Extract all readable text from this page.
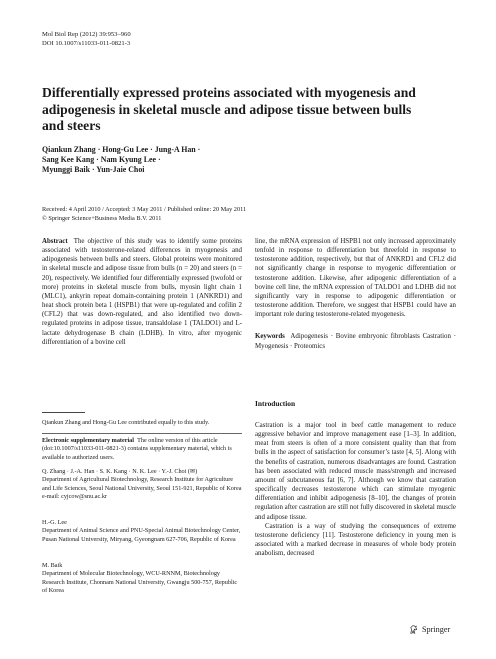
Mol Biol Rep (2012) 39:953–960
DOI 10.1007/s11033-011-0821-3
Differentially expressed proteins associated with myogenesis and adipogenesis in skeletal muscle and adipose tissue between bulls and steers
Qiankun Zhang · Hong-Gu Lee · Jung-A Han ·
Sang Kee Kang · Nam Kyung Lee ·
Myunggi Baik · Yun-Jaie Choi
Received: 4 April 2010 / Accepted: 3 May 2011 / Published online: 20 May 2011
© Springer Science+Business Media B.V. 2011
Abstract The objective of this study was to identify some proteins associated with testosterone-related differences in myogenesis and adipogenesis between bulls and steers. Global proteins were monitored in skeletal muscle and adipose tissue from bulls (n = 20) and steers (n = 20), respectively. We identified four differentially expressed (twofold or more) proteins in skeletal muscle from bulls, myosin light chain 1 (MLC1), ankyrin repeat domain-containing protein 1 (ANKRD1) and heat shock protein beta 1 (HSPB1) that were up-regulated and cofilin 2 (CFL2) that was down-regulated, and also identified two down-regulated proteins in adipose tissue, transaldolase 1 (TALDO1) and L-lactate dehydrogenase B chain (LDHB). In vitro, after myogenic differentiation of a bovine cell
line, the mRNA expression of HSPB1 not only increased approximately tenfold in response to differentiation but threefold in response to testosterone addition, respectively, but that of ANKRD1 and CFL2 did not significantly change in response to myogenic differentiation or testosterone addition. Likewise, after adipogenic differentiation of a bovine cell line, the mRNA expression of TALDO1 and LDHB did not significantly vary in response to adipogenic differentiation or testosterone addition. Therefore, we suggest that HSPB1 could have an important role during testosterone-related myogenesis.
Keywords Adipogenesis · Bovine embryonic fibroblasts Castration · Myogenesis · Proteomics
Introduction

Castration is a major tool in beef cattle management to reduce aggressive behavior and improve management ease [1–3]. In addition, meat from steers is often of a more consistent quality than that from bulls in the aspect of satisfaction for consumer’s taste [4, 5]. Along with the benefits of castration, numerous disadvantages are found. Castration has been associated with reduced muscle mass/strength and increased amount of subcutaneous fat [6, 7]. Although we know that castration specifically decreases testosterone which can stimulate myogenic differentiation and inhibit adipogenesis [8–10], the changes of protein regulation after castration are still not fully discovered in skeletal muscle and adipose tissue.

Castration is a way of studying the consequences of extreme testosterone deficiency [11]. Testosterone deficiency in young men is associated with a marked decrease in measures of whole body protein anabolism, decreased

Qiankun Zhang and Hong-Gu Lee contributed equally to this study.
Electronic supplementary material The online version of this article (doi:10.1007/s11033-011-0821-3) contains supplementary material, which is available to authorized users.
Q. Zhang · J.-A. Han · S. K. Kang · N. K. Lee · Y.-J. Choi (✉)
Department of Agricultural Biotechnology, Research Institute for Agriculture and Life Sciences, Seoul National University, Seoul 151-921, Republic of Korea
e-mail: cyjcow@snu.ac.kr
H.-G. Lee
Department of Animal Science and PNU-Special Animal Biotechnology Center, Pusan National University, Miryang, Gyeongnam 627-706, Republic of Korea
M. Baik
Department of Molecular Biotechnology, WCU-RNNM, Biotechnology Research Institute, Chonnam National University, Gwangju 500-757, Republic of Korea
Springer
